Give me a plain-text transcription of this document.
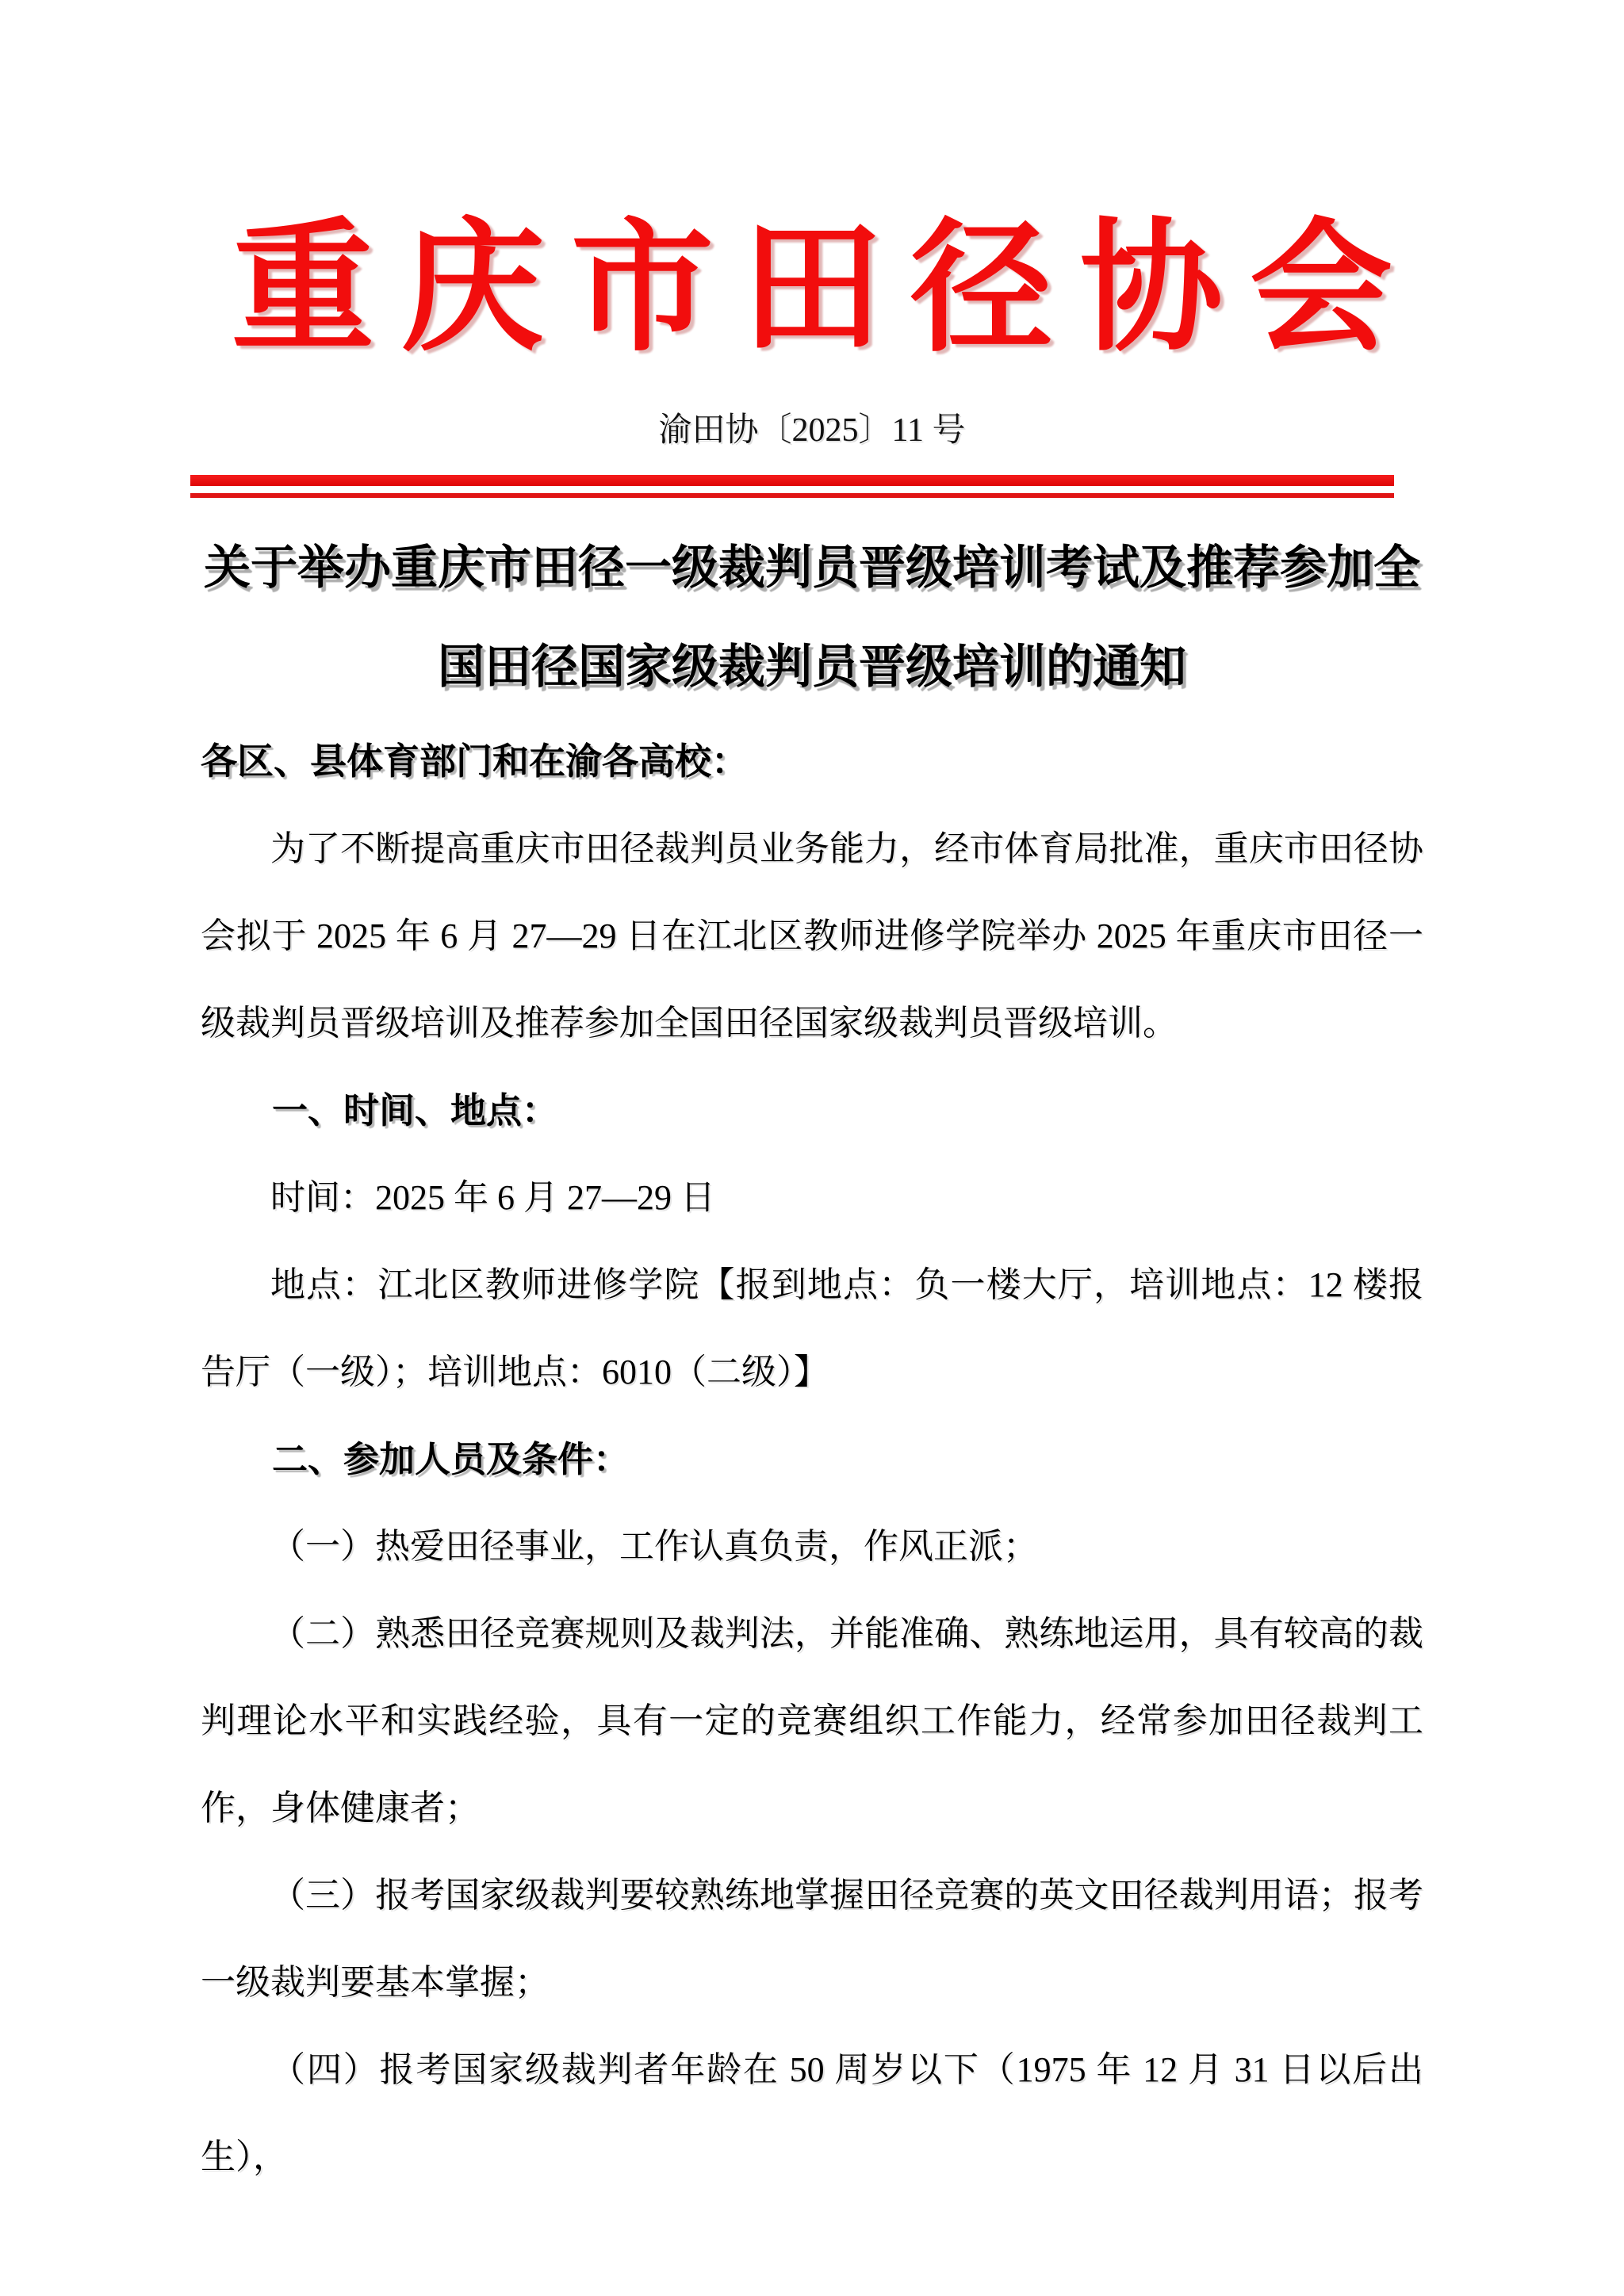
重庆市田径协会
渝田协〔2025〕11 号
关于举办重庆市田径一级裁判员晋级培训考试及推荐参加全
国田径国家级裁判员晋级培训的通知
各区、县体育部门和在渝各高校：
为了不断提高重庆市田径裁判员业务能力，经市体育局批准，重庆市田径协会拟于 2025 年 6 月 27—29 日在江北区教师进修学院举办 2025 年重庆市田径一级裁判员晋级培训及推荐参加全国田径国家级裁判员晋级培训。
一、时间、地点：
时间：2025 年 6 月 27—29 日
地点：江北区教师进修学院【报到地点：负一楼大厅，培训地点：12 楼报告厅（一级）；培训地点：6010（二级）】
二、参加人员及条件：
（一）热爱田径事业，工作认真负责，作风正派；
（二）熟悉田径竞赛规则及裁判法，并能准确、熟练地运用，具有较高的裁判理论水平和实践经验，具有一定的竞赛组织工作能力，经常参加田径裁判工作，身体健康者；
（三）报考国家级裁判要较熟练地掌握田径竞赛的英文田径裁判用语；报考一级裁判要基本掌握；
（四）报考国家级裁判者年龄在 50 周岁以下（1975 年 12 月 31 日以后出生），
